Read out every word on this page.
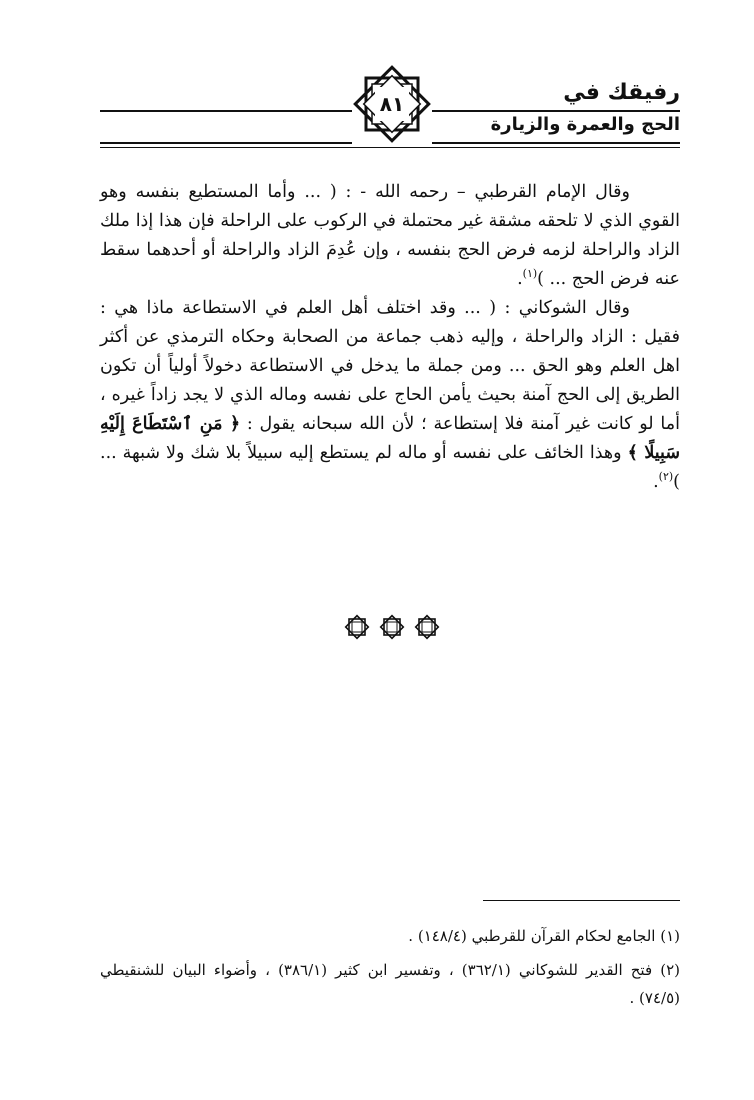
رفيقك في
الحج والعمرة والزيارة
٨١

وقال الإمام القرطبي – رحمه الله - : ( ... وأما المستطيع بنفسه وهو القوي الذي لا تلحقه مشقة غير محتملة في الركوب على الراحلة فإن هذا إذا ملك الزاد والراحلة لزمه فرض الحج بنفسه ، وإن عُدِمَ الزاد والراحلة أو أحدهما سقط عنه فرض الحج ... )$^{(١)}$.

وقال الشوكاني : ( ... وقد اختلف أهل العلم في الاستطاعة ماذا هي : فقيل : الزاد والراحلة ، وإليه ذهب جماعة من الصحابة وحكاه الترمذي عن أكثر اهل العلم وهو الحق ... ومن جملة ما يدخل في الاستطاعة دخولاً أولياً أن تكون الطريق إلى الحج آمنة بحيث يأمن الحاج على نفسه وماله الذي لا يجد زاداً غيره ، أما لو كانت غير آمنة فلا إستطاعة ؛ لأن الله سبحانه يقول : ﴿ مَنِ ٱسْتَطَاعَ إِلَيْهِ سَبِيلًا ﴾ وهذا الخائف على نفسه أو ماله لم يستطع إليه سبيلاً بلا شك ولا شبهة ... )$^{(٢)}$.

(١) الجامع لحكام القرآن للقرطبي (١٤٨/٤) .

(٢) فتح القدير للشوكاني (٣٦٢/١) ، وتفسير ابن كثير (٣٨٦/١) ، وأضواء البيان للشنقيطي (٧٤/٥) .
